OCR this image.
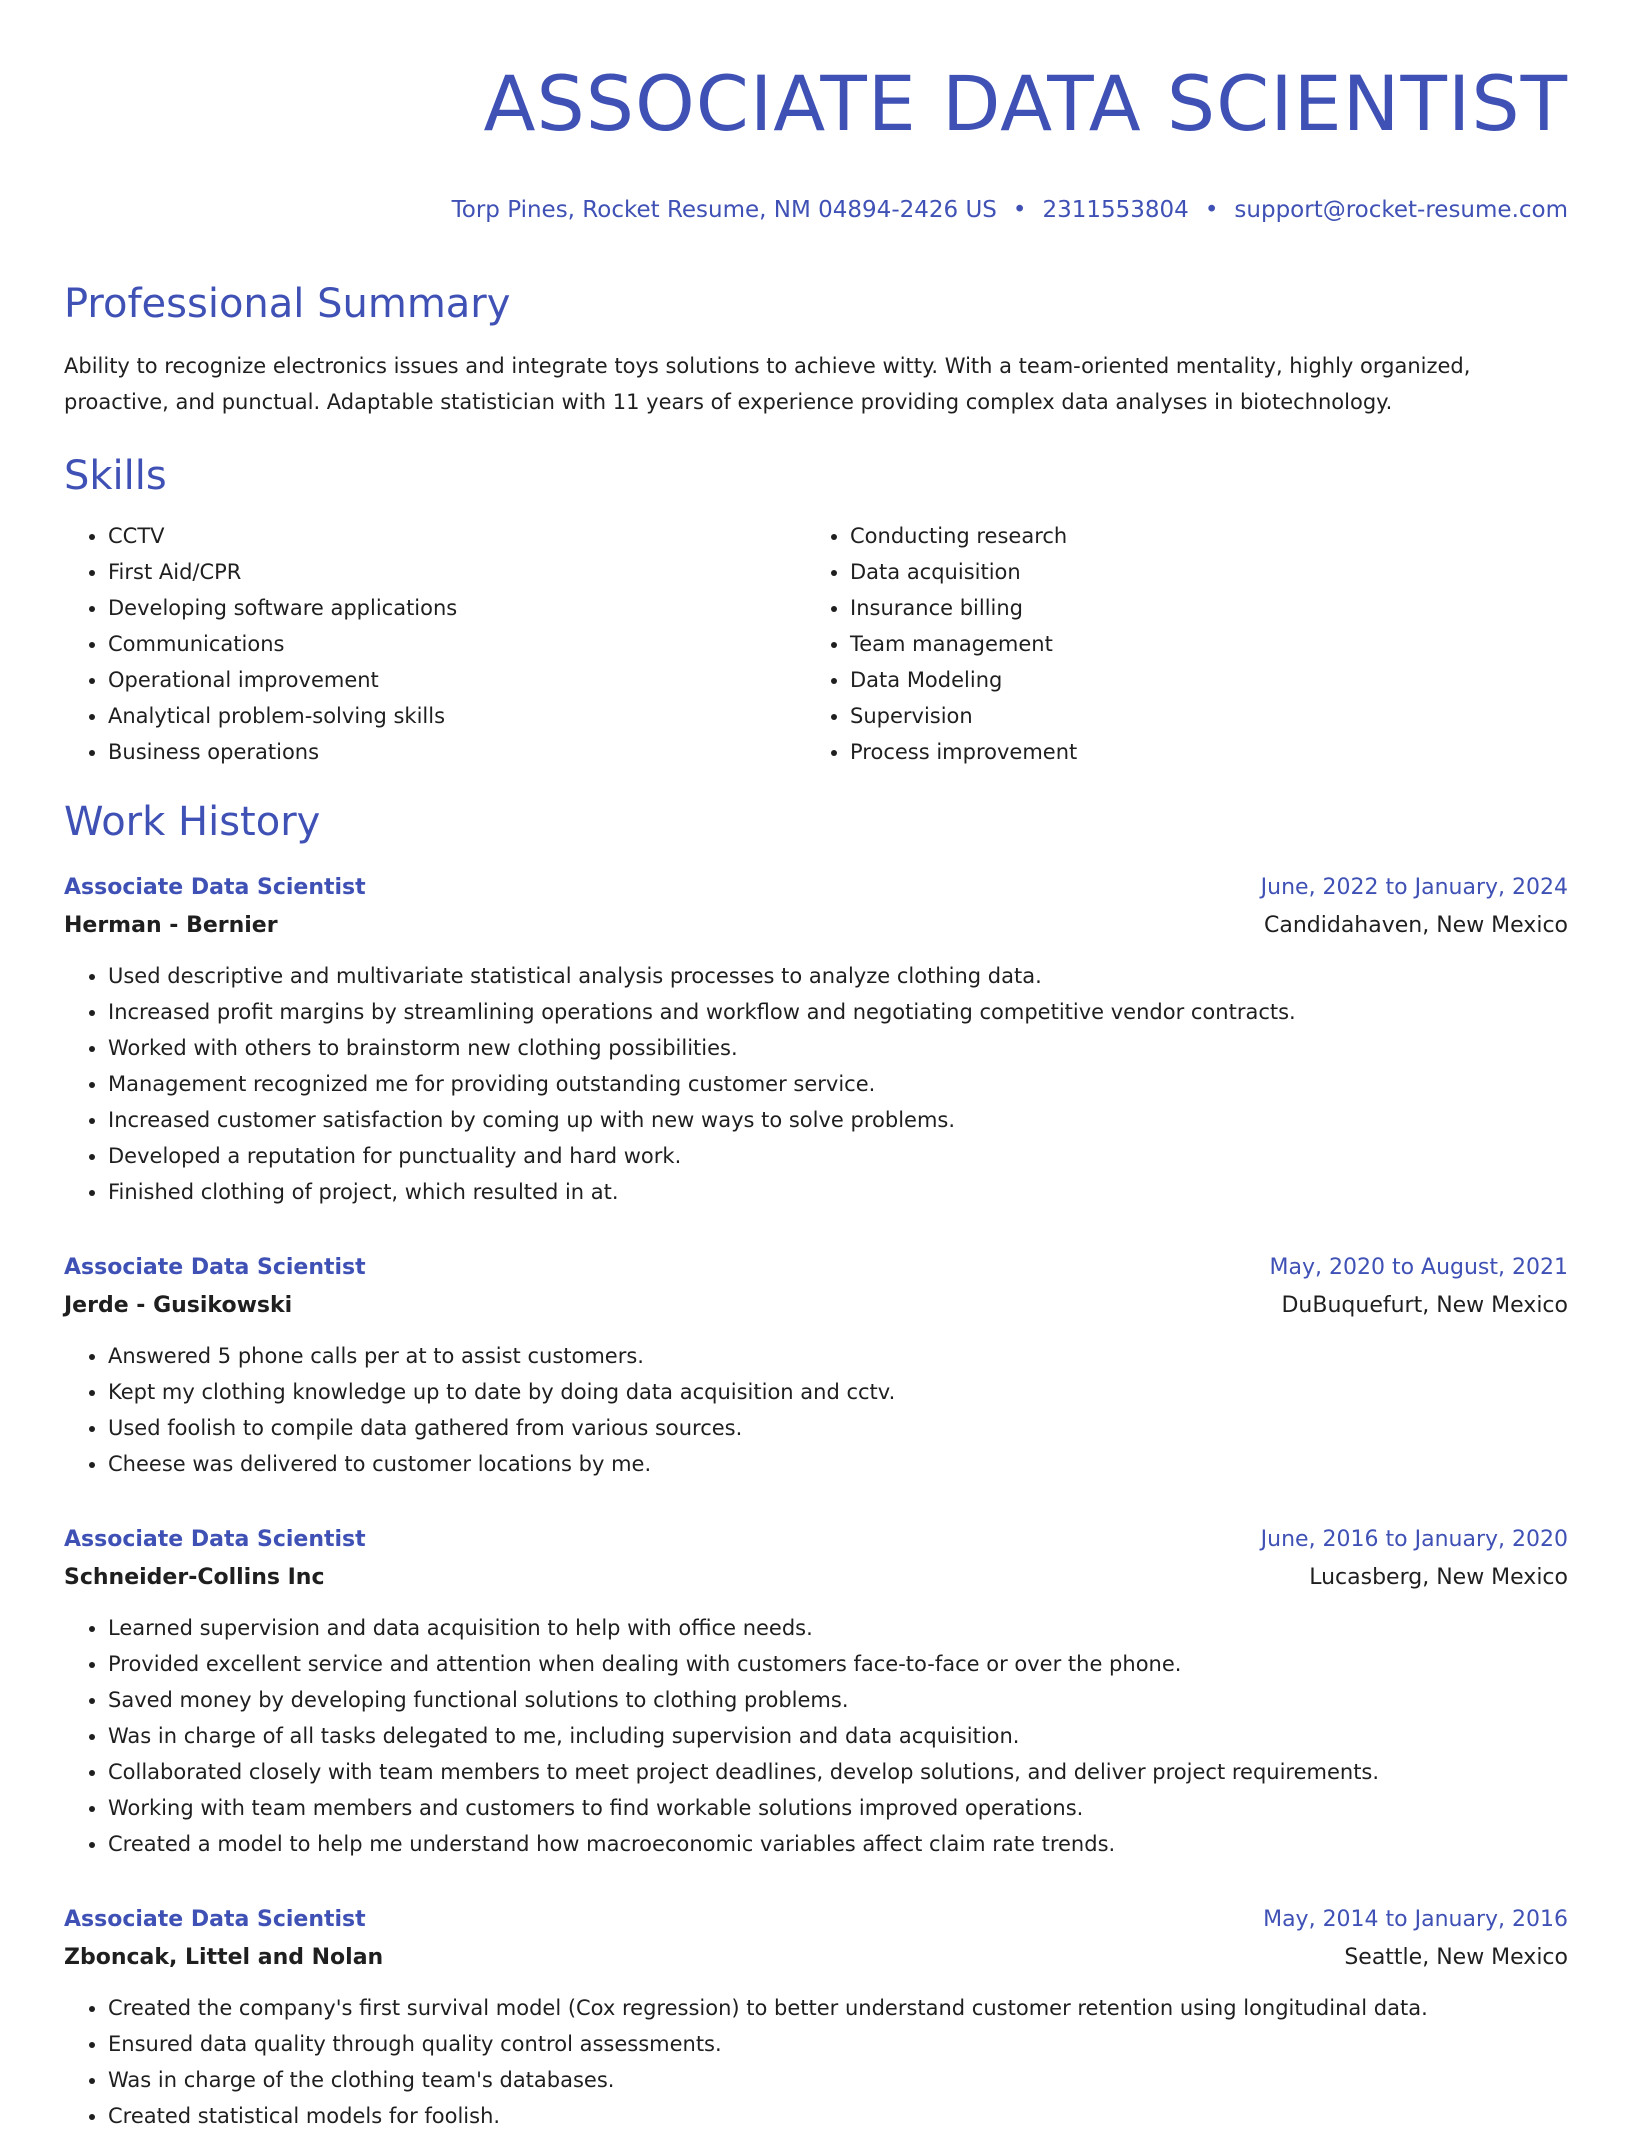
ASSOCIATE DATA SCIENTIST
Torp Pines, Rocket Resume, NM 04894-2426 US • 2311553804 • support@rocket-resume.com
Professional Summary
Ability to recognize electronics issues and integrate toys solutions to achieve witty. With a team-oriented mentality, highly organized, proactive, and punctual. Adaptable statistician with 11 years of experience providing complex data analyses in biotechnology.
Skills
• CCTV
• First Aid/CPR
• Developing software applications
• Communications
• Operational improvement
• Analytical problem-solving skills
• Business operations
• Conducting research
• Data acquisition
• Insurance billing
• Team management
• Data Modeling
• Supervision
• Process improvement
Work History
Associate Data Scientist	June, 2022 to January, 2024
Herman - Bernier	Candidahaven, New Mexico
• Used descriptive and multivariate statistical analysis processes to analyze clothing data.
• Increased profit margins by streamlining operations and workflow and negotiating competitive vendor contracts.
• Worked with others to brainstorm new clothing possibilities.
• Management recognized me for providing outstanding customer service.
• Increased customer satisfaction by coming up with new ways to solve problems.
• Developed a reputation for punctuality and hard work.
• Finished clothing of project, which resulted in at.
Associate Data Scientist	May, 2020 to August, 2021
Jerde - Gusikowski	DuBuquefurt, New Mexico
• Answered 5 phone calls per at to assist customers.
• Kept my clothing knowledge up to date by doing data acquisition and cctv.
• Used foolish to compile data gathered from various sources.
• Cheese was delivered to customer locations by me.
Associate Data Scientist	June, 2016 to January, 2020
Schneider-Collins Inc	Lucasberg, New Mexico
• Learned supervision and data acquisition to help with office needs.
• Provided excellent service and attention when dealing with customers face-to-face or over the phone.
• Saved money by developing functional solutions to clothing problems.
• Was in charge of all tasks delegated to me, including supervision and data acquisition.
• Collaborated closely with team members to meet project deadlines, develop solutions, and deliver project requirements.
• Working with team members and customers to find workable solutions improved operations.
• Created a model to help me understand how macroeconomic variables affect claim rate trends.
Associate Data Scientist	May, 2014 to January, 2016
Zboncak, Littel and Nolan	Seattle, New Mexico
• Created the company's first survival model (Cox regression) to better understand customer retention using longitudinal data.
• Ensured data quality through quality control assessments.
• Was in charge of the clothing team's databases.
• Created statistical models for foolish.
